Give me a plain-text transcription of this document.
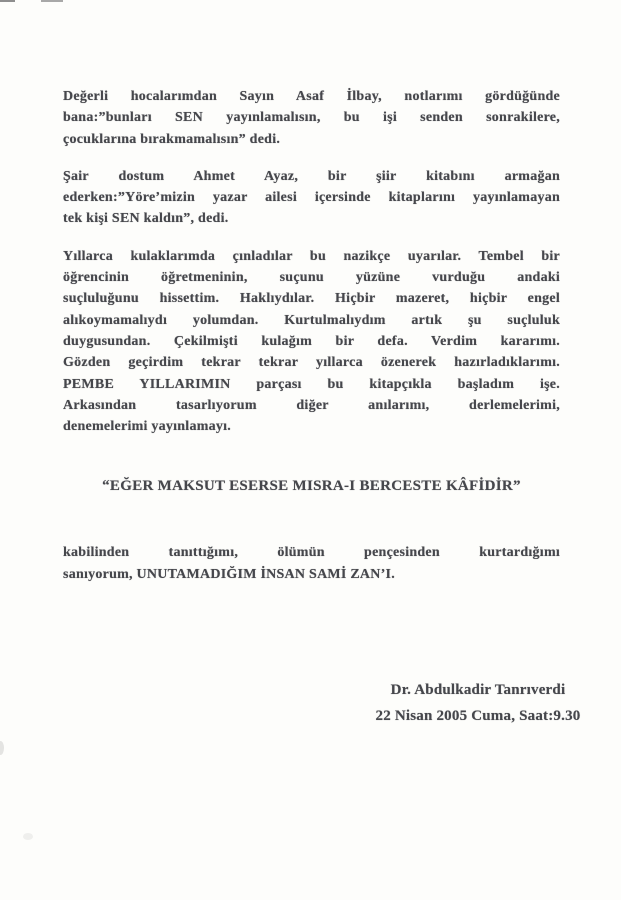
Değerli hocalarımdan Sayın Asaf İlbay, notlarımı gördüğünde
bana:”bunları SEN yayınlamalısın, bu işi senden sonrakilere,
çocuklarına bırakmamalısın” dedi.

Şair dostum Ahmet Ayaz, bir şiir kitabını armağan
ederken:”Yöre’mizin yazar ailesi içersinde kitaplarını yayınlamayan
tek kişi SEN kaldın”, dedi.

Yıllarca kulaklarımda çınladılar bu nazikçe uyarılar. Tembel bir
öğrencinin öğretmeninin, suçunu yüzüne vurduğu andaki
suçluluğunu hissettim. Haklıydılar. Hiçbir mazeret, hiçbir engel
alıkoymamalıydı yolumdan. Kurtulmalıydım artık şu suçluluk
duygusundan. Çekilmişti kulağım bir defa. Verdim kararımı.
Gözden geçirdim tekrar tekrar yıllarca özenerek hazırladıklarımı.
PEMBE YILLARIMIN parçası bu kitapçıkla başladım işe.
Arkasından tasarlıyorum diğer anılarımı, derlemelerimi,
denemelerimi yayınlamayı.

“EĞER MAKSUT ESERSE MISRA-I BERCESTE KÂFİDİR”

kabilinden tanıttığımı, ölümün pençesinden kurtardığımı
sanıyorum, UNUTAMADIĞIM İNSAN SAMİ ZAN’I.

Dr. Abdulkadir Tanrıverdi
22 Nisan 2005 Cuma, Saat:9.30
